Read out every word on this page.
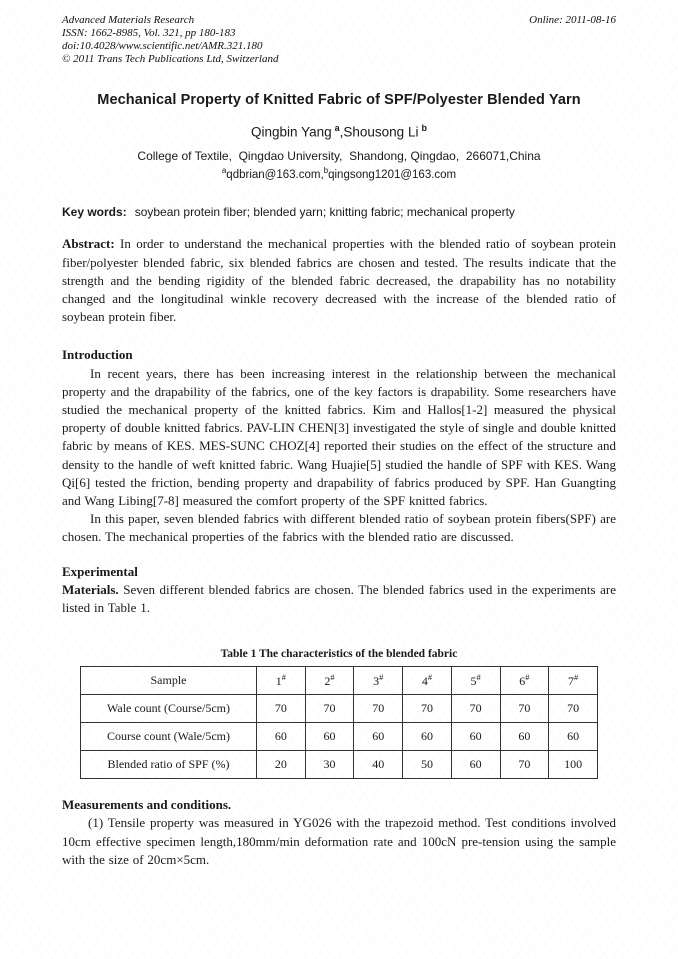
Advanced Materials Research
ISSN: 1662-8985, Vol. 321, pp 180-183
doi:10.4028/www.scientific.net/AMR.321.180
© 2011 Trans Tech Publications Ltd, Switzerland
Online: 2011-08-16
Mechanical Property of Knitted Fabric of SPF/Polyester Blended Yarn
Qingbin Yang $^a$,Shousong Li $^b$
College of Textile,  Qingdao University,  Shandong, Qingdao,  266071,China
$^a$qdbrian@163.com,$^b$qingsong1201@163.com
Key words: soybean protein fiber; blended yarn; knitting fabric; mechanical property
Abstract: In order to understand the mechanical properties with the blended ratio of soybean protein fiber/polyester blended fabric, six blended fabrics are chosen and tested. The results indicate that the strength and the bending rigidity of the blended fabric decreased, the drapability has no notability changed and the longitudinal winkle recovery decreased with the increase of the blended ratio of soybean protein fiber.
Introduction
In recent years, there has been increasing interest in the relationship between the mechanical property and the drapability of the fabrics, one of the key factors is drapability. Some researchers have studied the mechanical property of the knitted fabrics. Kim and Hallos[1-2] measured the physical property of double knitted fabrics. PAV-LIN CHEN[3] investigated the style of single and double knitted fabric by means of KES. MES-SUNC CHOZ[4] reported their studies on the effect of the structure and density to the handle of weft knitted fabric. Wang Huajie[5] studied the handle of SPF with KES. Wang Qi[6] tested the friction, bending property and drapability of fabrics produced by SPF. Han Guangting and Wang Libing[7-8] measured the comfort property of the SPF knitted fabrics.
In this paper, seven blended fabrics with different blended ratio of soybean protein fibers(SPF) are chosen. The mechanical properties of the fabrics with the blended ratio are discussed.
Experimental
Materials. Seven different blended fabrics are chosen. The blended fabrics used in the experiments are listed in Table 1.
Table 1 The characteristics of the blended fabric
Sample	1#	2#	3#	4#	5#	6#	7#
Wale count (Course/5cm)	70	70	70	70	70	70	70
Course count (Wale/5cm)	60	60	60	60	60	60	60
Blended ratio of SPF (%)	20	30	40	50	60	70	100
Measurements and conditions.
(1) Tensile property was measured in YG026 with the trapezoid method. Test conditions involved 10cm effective specimen length,180mm/min deformation rate and 100cN pre-tension using the sample with the size of 20cm×5cm.
